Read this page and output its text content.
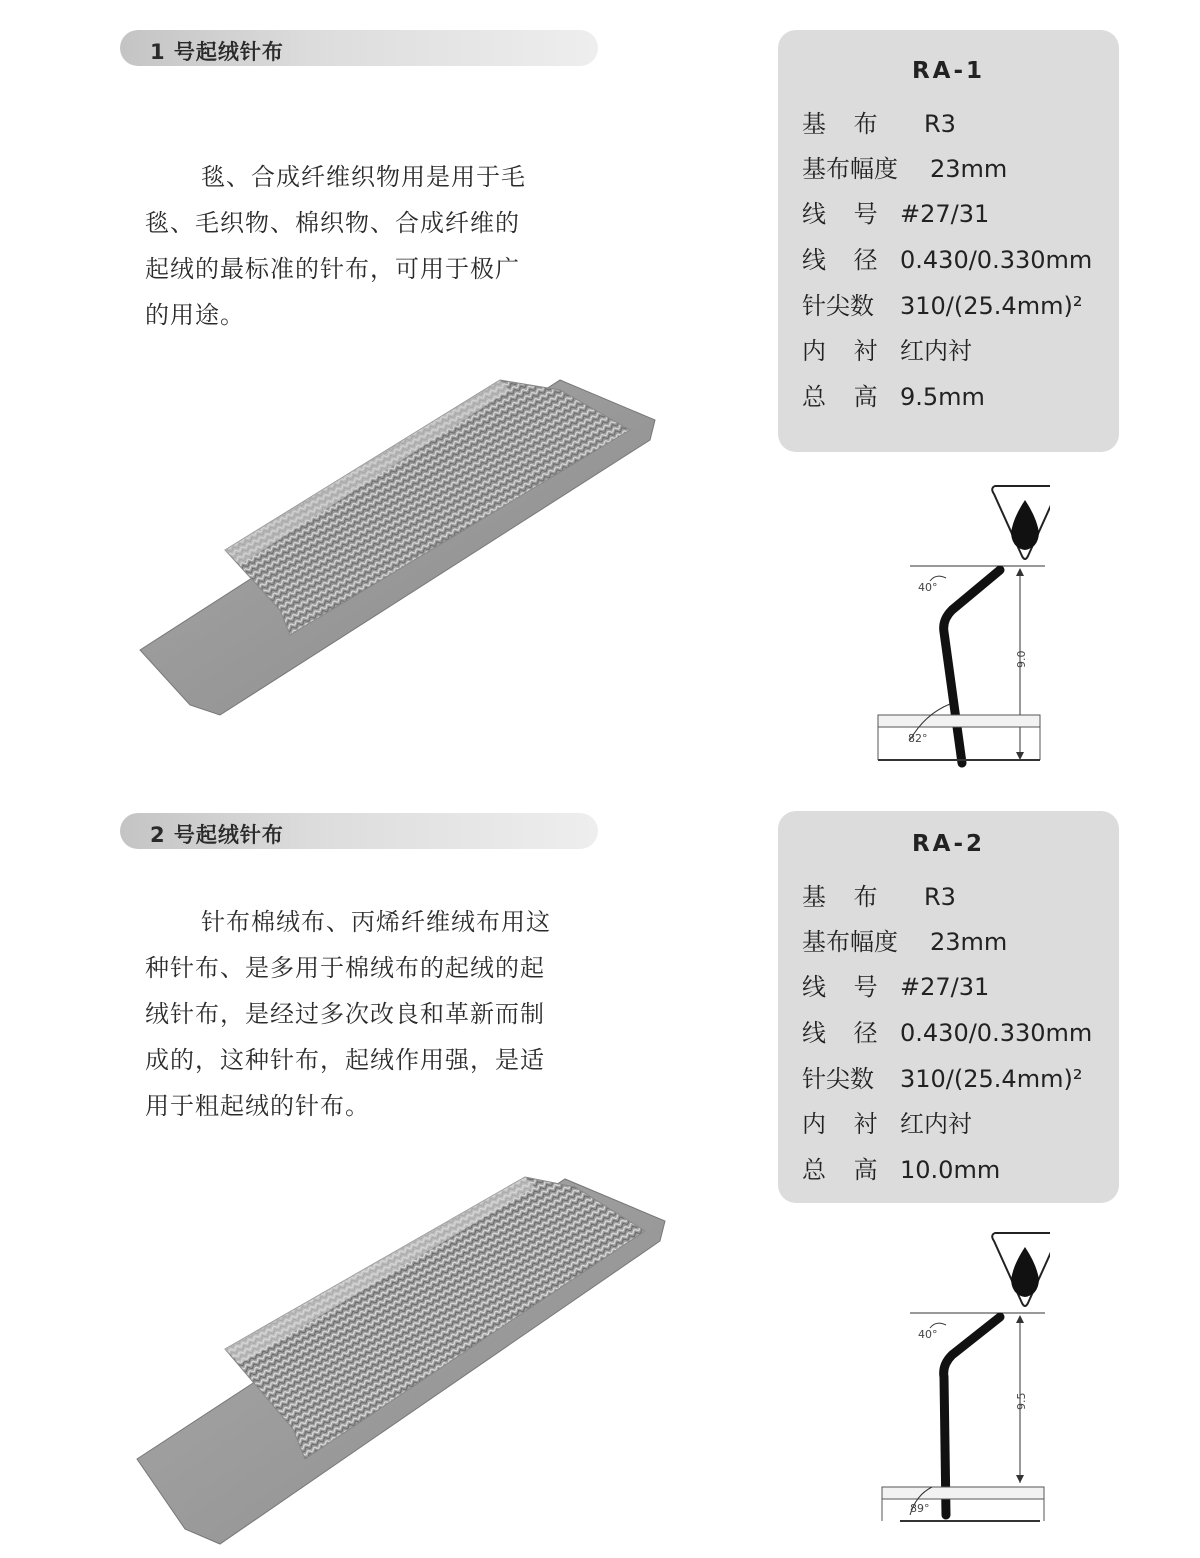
1 号起绒针布

毯、合成纤维织物用是用于毛
毯、毛织物、棉织物、合成纤维的
起绒的最标准的针布，可用于极广
的用途。

RA-1
基 布 R3
基布幅度 23mm
线 号 #27/31
线 径 0.430/0.330mm
针尖数 310/(25.4mm)²
内 衬 红内衬
总 高 9.5mm
9.0
40°
82°
2 号起绒针布

针布棉绒布、丙烯纤维绒布用这
种针布、是多用于棉绒布的起绒的起
绒针布，是经过多次改良和革新而制
成的，这种针布，起绒作用强，是适
用于粗起绒的针布。

RA-2
基 布 R3
基布幅度 23mm
线 号 #27/31
线 径 0.430/0.330mm
针尖数 310/(25.4mm)²
内 衬 红内衬
总 高 10.0mm
9.5
40°
89°
